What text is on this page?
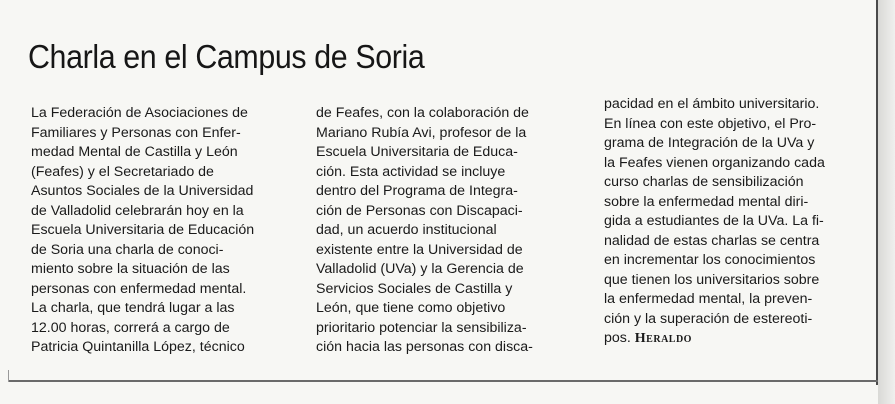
Charla en el Campus de Soria
La Federación de Asociaciones de
Familiares y Personas con Enfer-
medad Mental de Castilla y León
(Feafes) y el Secretariado de
Asuntos Sociales de la Universidad
de Valladolid celebrarán hoy en la
Escuela Universitaria de Educación
de Soria una charla de conoci-
miento sobre la situación de las
personas con enfermedad mental.
La charla, que tendrá lugar a las
12.00 horas, correrá a cargo de
Patricia Quintanilla López, técnico
de Feafes, con la colaboración de
Mariano Rubía Avi, profesor de la
Escuela Universitaria de Educa-
ción. Esta actividad se incluye
dentro del Programa de Integra-
ción de Personas con Discapaci-
dad, un acuerdo institucional
existente entre la Universidad de
Valladolid (UVa) y la Gerencia de
Servicios Sociales de Castilla y
León, que tiene como objetivo
prioritario potenciar la sensibiliza-
ción hacia las personas con disca-
pacidad en el ámbito universitario.
En línea con este objetivo, el Pro-
grama de Integración de la UVa y
la Feafes vienen organizando cada
curso charlas de sensibilización
sobre la enfermedad mental diri-
gida a estudiantes de la UVa. La fi-
nalidad de estas charlas se centra
en incrementar los conocimientos
que tienen los universitarios sobre
la enfermedad mental, la preven-
ción y la superación de estereoti-
pos. Heraldo
